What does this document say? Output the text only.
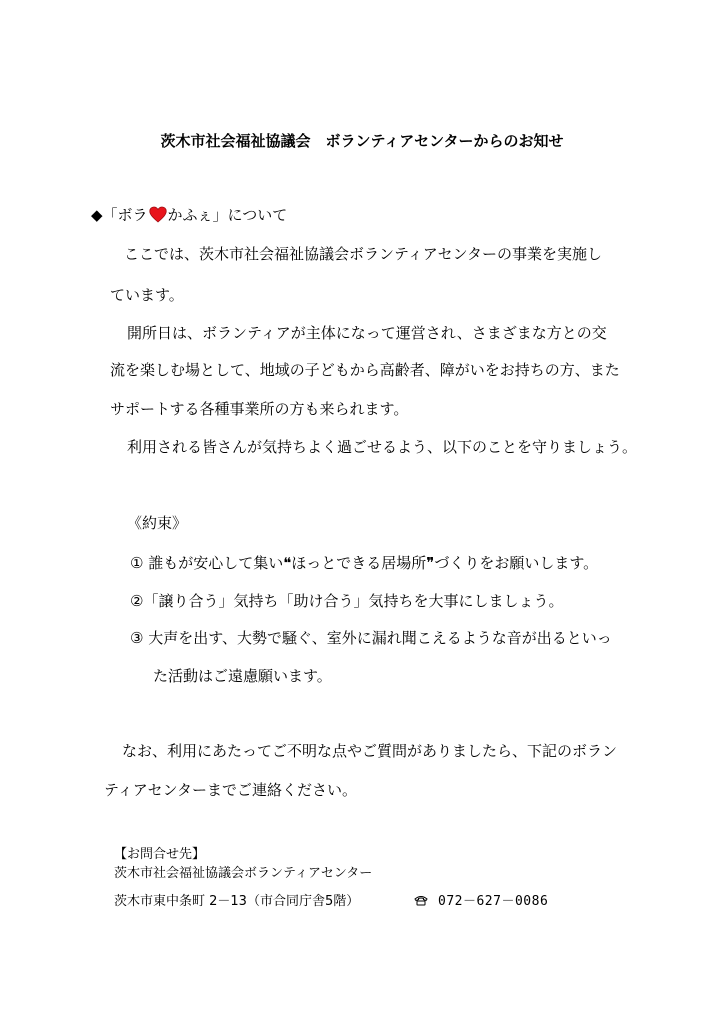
茨木市社会福祉協議会　ボランティアセンターからのお知せ
◆「ボラ かふぇ」について
ここでは、茨木市社会福祉協議会ボランティアセンターの事業を実施し
ています。
開所日は、ボランティアが主体になって運営され、さまざまな方との交
流を楽しむ場として、地域の子どもから高齢者、障がいをお持ちの方、また
サポートする各種事業所の方も来られます。
利用される皆さんが気持ちよく過ごせるよう、以下のことを守りましょう。
《約束》
① 誰もが安心して集い❝ほっとできる居場所❞づくりをお願いします。
②「譲り合う」気持ち「助け合う」気持ちを大事にしましょう。
③ 大声を出す、大勢で騒ぐ、室外に漏れ聞こえるような音が出るといっ
た活動はご遠慮願います。
なお、利用にあたってご不明な点やご質問がありましたら、下記のボラン
ティアセンターまでご連絡ください。
【お問合せ先】
茨木市社会福祉協議会ボランティアセンター
茨木市東中条町 2－13（市合同庁舎5階）	072－627－0086
